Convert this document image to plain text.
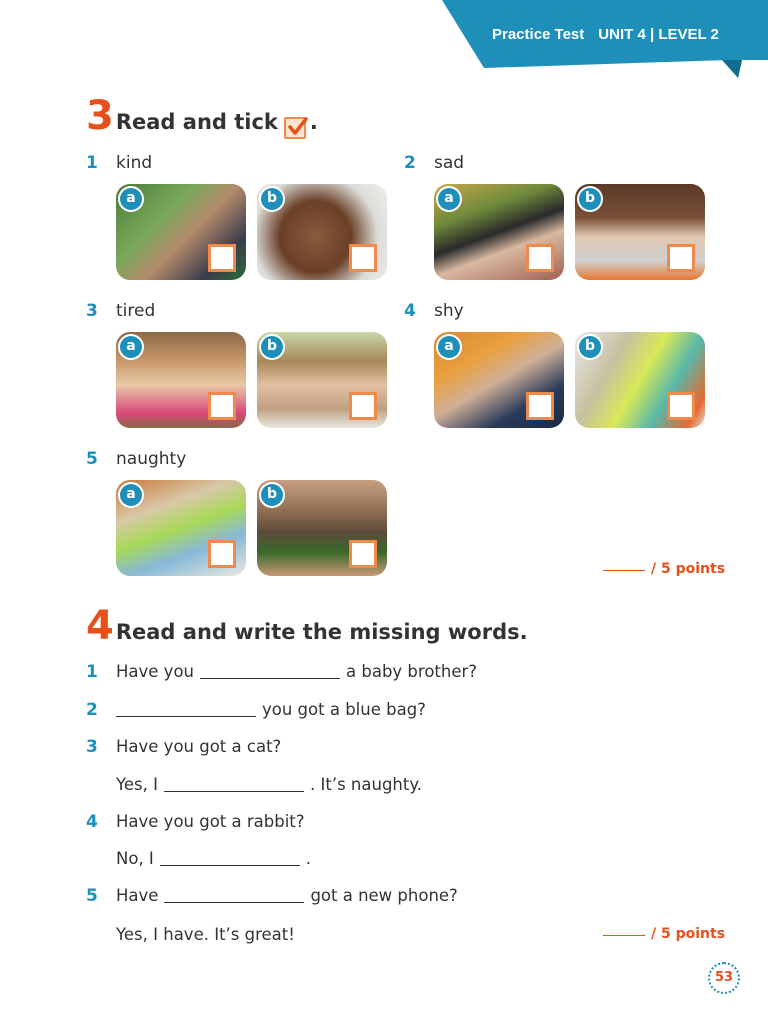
Practice Test UNIT 4 | LEVEL 2
3 Read and tick .
1 kind
a	b
2 sad
a	b
3 tired
a	b
4 shy
a	b
5 naughty
a	b
/ 5 points
4 Read and write the missing words.
1 Have you	a baby brother?
2	you got a blue bag?
3 Have you got a cat?
Yes, I	. It’s naughty.
4 Have you got a rabbit?
No, I	.
5 Have	got a new phone?
Yes, I have. It’s great!	/ 5 points
53
